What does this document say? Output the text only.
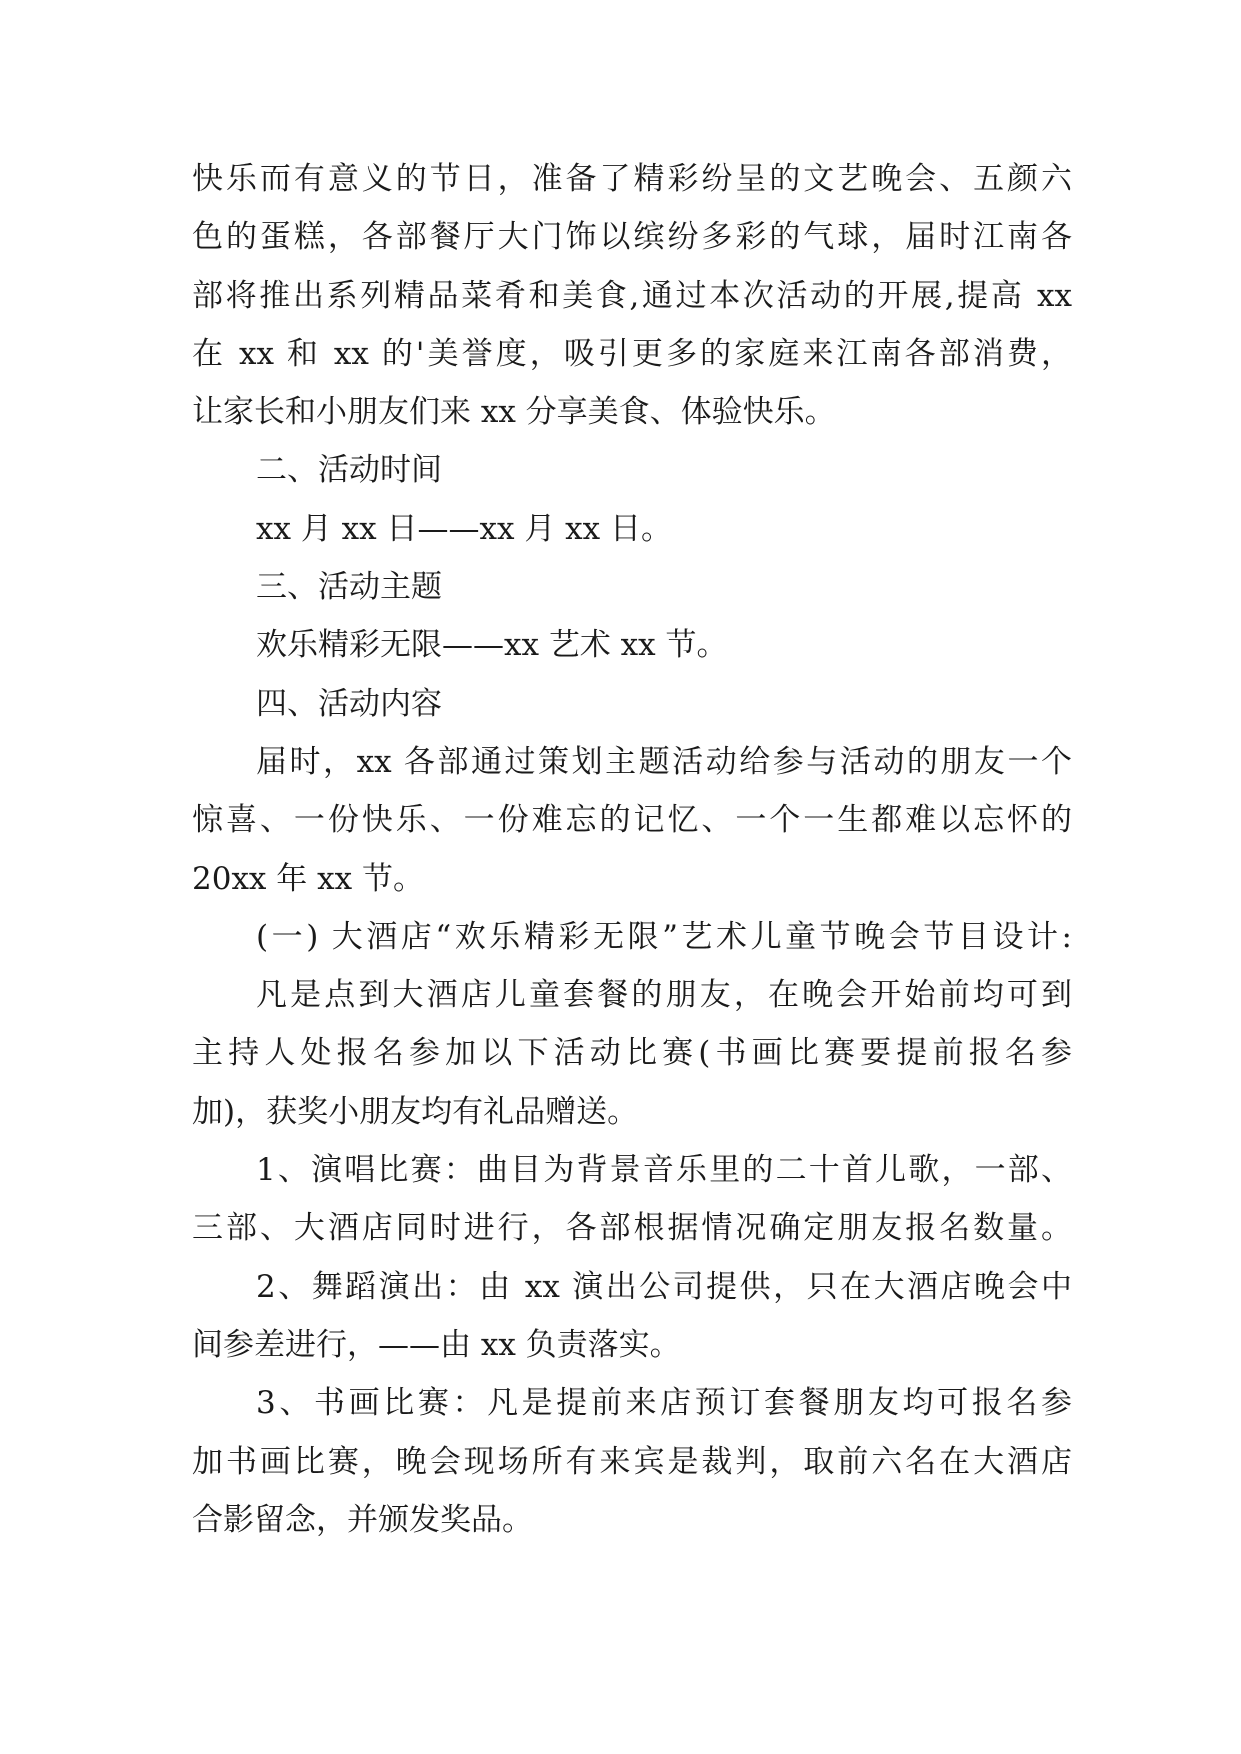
快乐而有意义的节日，准备了精彩纷呈的文艺晚会、五颜六
色的蛋糕，各部餐厅大门饰以缤纷多彩的气球，届时江南各
部将推出系列精品菜肴和美食,通过本次活动的开展,提高 xx
在 xx 和 xx 的'美誉度，吸引更多的家庭来江南各部消费，
让家长和小朋友们来 xx 分享美食、体验快乐。
二、活动时间
xx 月 xx 日——xx 月 xx 日。
三、活动主题
欢乐精彩无限——xx 艺术 xx 节。
四、活动内容
届时，xx 各部通过策划主题活动给参与活动的朋友一个
惊喜、一份快乐、一份难忘的记忆、一个一生都难以忘怀的
20xx 年 xx 节。
(一) 大酒店“欢乐精彩无限”艺术儿童节晚会节目设计:
凡是点到大酒店儿童套餐的朋友，在晚会开始前均可到
主持人处报名参加以下活动比赛(书画比赛要提前报名参
加)，获奖小朋友均有礼品赠送。
1、演唱比赛：曲目为背景音乐里的二十首儿歌，一部、
三部、大酒店同时进行，各部根据情况确定朋友报名数量。
2、舞蹈演出：由 xx 演出公司提供，只在大酒店晚会中
间参差进行，——由 xx 负责落实。
3、书画比赛：凡是提前来店预订套餐朋友均可报名参
加书画比赛，晚会现场所有来宾是裁判，取前六名在大酒店
合影留念，并颁发奖品。
